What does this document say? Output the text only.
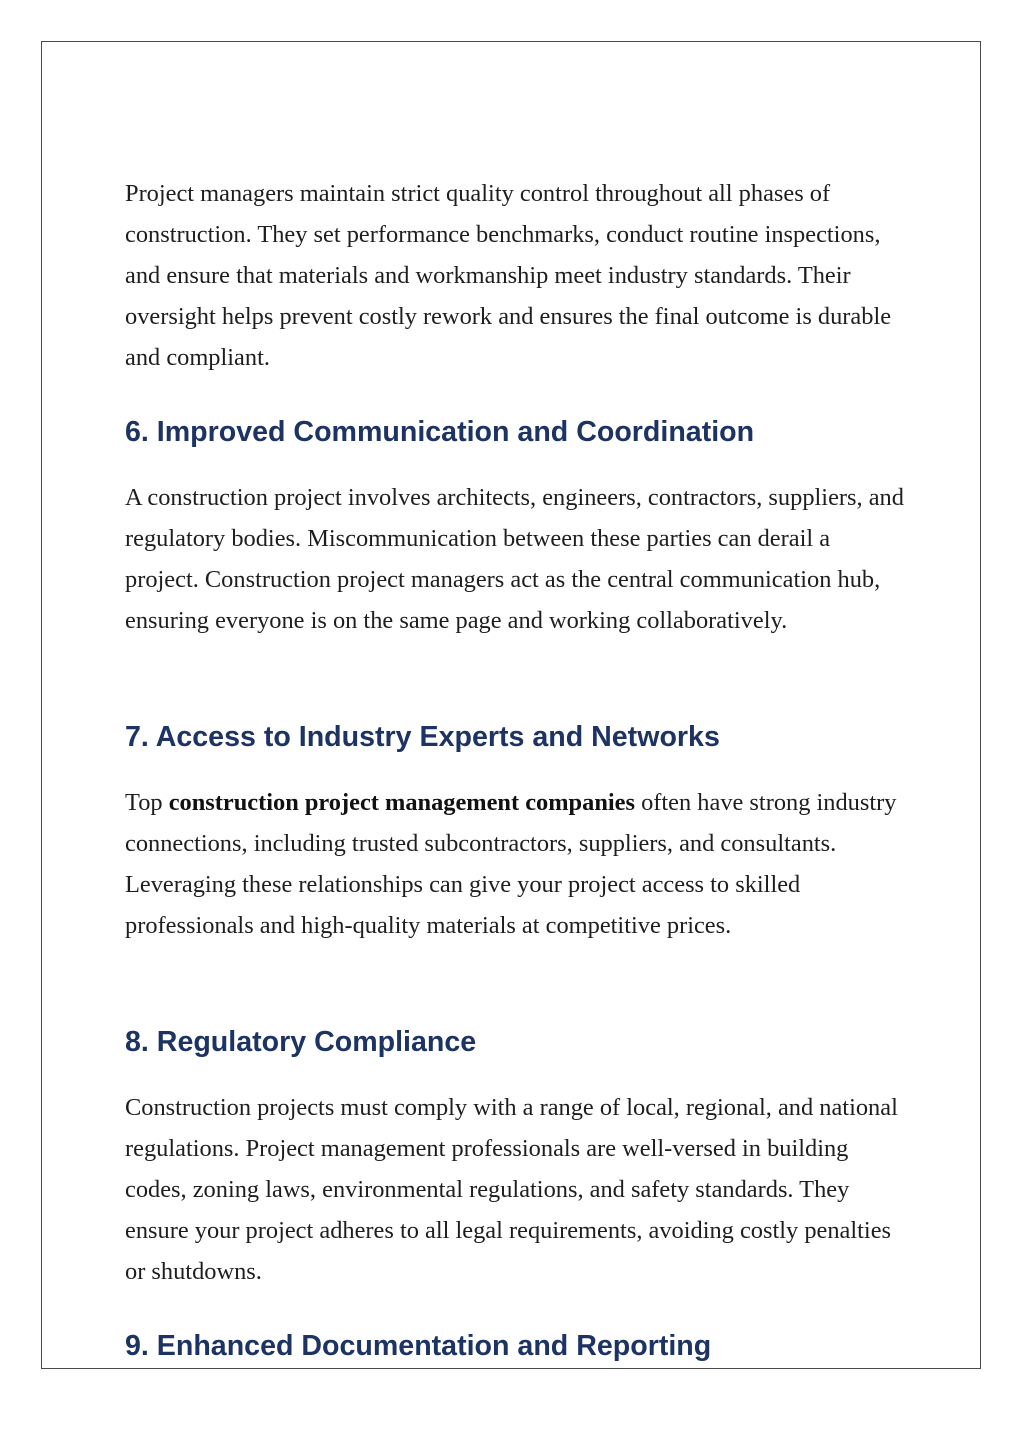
Project managers maintain strict quality control throughout all phases of construction. They set performance benchmarks, conduct routine inspections, and ensure that materials and workmanship meet industry standards. Their oversight helps prevent costly rework and ensures the final outcome is durable and compliant.

6. Improved Communication and Coordination

A construction project involves architects, engineers, contractors, suppliers, and regulatory bodies. Miscommunication between these parties can derail a project. Construction project managers act as the central communication hub, ensuring everyone is on the same page and working collaboratively.

7. Access to Industry Experts and Networks

Top construction project management companies often have strong industry connections, including trusted subcontractors, suppliers, and consultants. Leveraging these relationships can give your project access to skilled professionals and high-quality materials at competitive prices.

8. Regulatory Compliance

Construction projects must comply with a range of local, regional, and national regulations. Project management professionals are well-versed in building codes, zoning laws, environmental regulations, and safety standards. They ensure your project adheres to all legal requirements, avoiding costly penalties or shutdowns.

9. Enhanced Documentation and Reporting
